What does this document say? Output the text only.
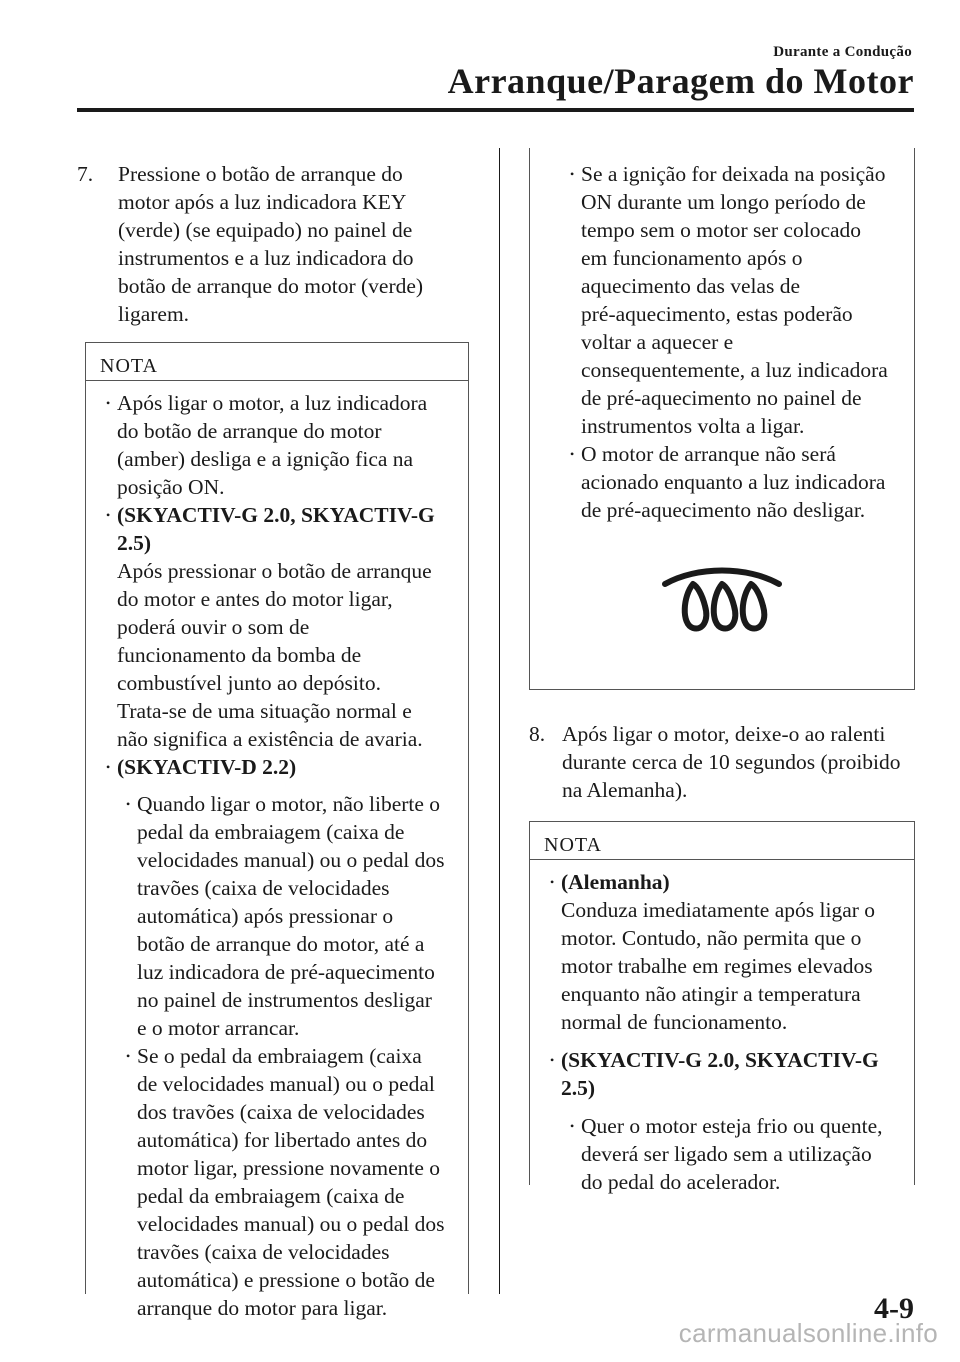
Durante a Condução
Arranque/Paragem do Motor
7. Pressione o botão de arranque do
motor após a luz indicadora KEY
(verde) (se equipado) no painel de
instrumentos e a luz indicadora do
botão de arranque do motor (verde)
ligarem.
NOTA
• Após ligar o motor, a luz indicadora
do botão de arranque do motor
(amber) desliga e a ignição fica na
posição ON.
• (SKYACTIV-G 2.0, SKYACTIV-G
2.5)
Após pressionar o botão de arranque
do motor e antes do motor ligar,
poderá ouvir o som de
funcionamento da bomba de
combustível junto ao depósito.
Trata-se de uma situação normal e
não significa a existência de avaria.
• (SKYACTIV-D 2.2)
• Quando ligar o motor, não liberte o
pedal da embraiagem (caixa de
velocidades manual) ou o pedal dos
travões (caixa de velocidades
automática) após pressionar o
botão de arranque do motor, até a
luz indicadora de pré-aquecimento
no painel de instrumentos desligar
e o motor arrancar.
• Se o pedal da embraiagem (caixa
de velocidades manual) ou o pedal
dos travões (caixa de velocidades
automática) for libertado antes do
motor ligar, pressione novamente o
pedal da embraiagem (caixa de
velocidades manual) ou o pedal dos
travões (caixa de velocidades
automática) e pressione o botão de
arranque do motor para ligar.
• Se a ignição for deixada na posição
ON durante um longo período de
tempo sem o motor ser colocado
em funcionamento após o
aquecimento das velas de
pré-aquecimento, estas poderão
voltar a aquecer e
consequentemente, a luz indicadora
de pré-aquecimento no painel de
instrumentos volta a ligar.
• O motor de arranque não será
acionado enquanto a luz indicadora
de pré-aquecimento não desligar.
8. Após ligar o motor, deixe-o ao ralenti
durante cerca de 10 segundos (proibido
na Alemanha).
NOTA
• (Alemanha)
Conduza imediatamente após ligar o
motor. Contudo, não permita que o
motor trabalhe em regimes elevados
enquanto não atingir a temperatura
normal de funcionamento.
• (SKYACTIV-G 2.0, SKYACTIV-G
2.5)
• Quer o motor esteja frio ou quente,
deverá ser ligado sem a utilização
do pedal do acelerador.
4-9
carmanualsonline.info
